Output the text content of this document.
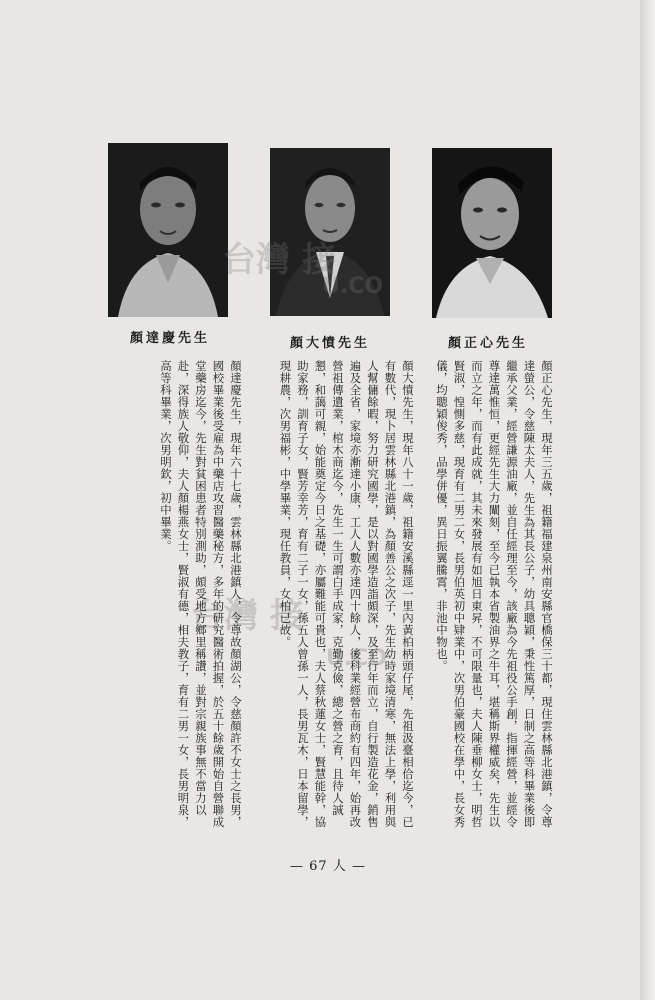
顏達慶先生	顏大憤先生	顏正心先生
台灣 接
U.CO
台灣 接
U.CO	顏正心先生，現年三五歲，祖籍福建泉州南安縣官橋保三十都，現住雲林縣北港鎮，令尊達螢公，令慈陳太夫人，先生為其長公子，幼具聰穎，秉性篤厚，日制之高等科畢業後即繼承父業，經營謙源油廠，並自任經理至今，該廠為今先祖役公手創，指揮經營，並經令尊達萬惟恒，更經先生大力闡刻，至今已執本省製油界之牛耳，堪稱斯界權威矣，先生以而立之年，而有此成就，其未來發展有如旭日東昇，不可限量也，夫人陳垂柳女士，明哲賢淑，惶惻多慈，現育有二男二女，長男伯英初中肄業中，次男伯豪國校在學中，長女秀儀，均聰穎俊秀，品學併優，異日振翼騰霄，非池中物也。
顏大憤先生，現年八十一歲，祖籍安溪縣逕一里內黃柏柄頭仔尾，先祖汲臺相佮迄今，已有數代，現卜居雲林縣北港鎮，為顏善公之次子，先生幼時家境清寒，無法上學，利用與人幫傭餘暇，努力研究國學，是以對國學造詣頗深，及至行年而立，自行製造花金，銷售遍及全省，家境亦漸達小康，工人人數亦達四十餘人，後科業經營布商約有四年，始再改營祖傳遺業，棺木商迄今，先生一生可謂白手成家，克勤克儉，總之營之育，且待人誠懇，和藹可親，始能奠定今日之基礎，亦屬難能可貴也，夫人蔡秋蓮女士，賢慧能幹，協助家務，訓育子女，賢芳幸芳，育有二子一女，孫五人曾孫一人，長男瓦木，日本留學，現耕農，次男福彬，中學畢業，現任教員，女柏已故。
顏達慶先生，現年六十七歲，雲林縣北港鎮人，令尊故顏湖公，令慈顏許不女士之長男，國校畢業後受雇為中藥店攻習醫藥秘方，多年的研究醫術拍握，於五十餘歲開始自營聯成堂藥房迄今，先生對貧困患者特別測助，頗受地方鄉里稱讚，並對宗親族事無不當力以赴，深得族人敬仰，夫人顏楊燕女士，賢淑有德，相夫教子，育有二男一女，長男明泉，高等科畢業，次男明欽，初中畢業。
— 67 人 —
